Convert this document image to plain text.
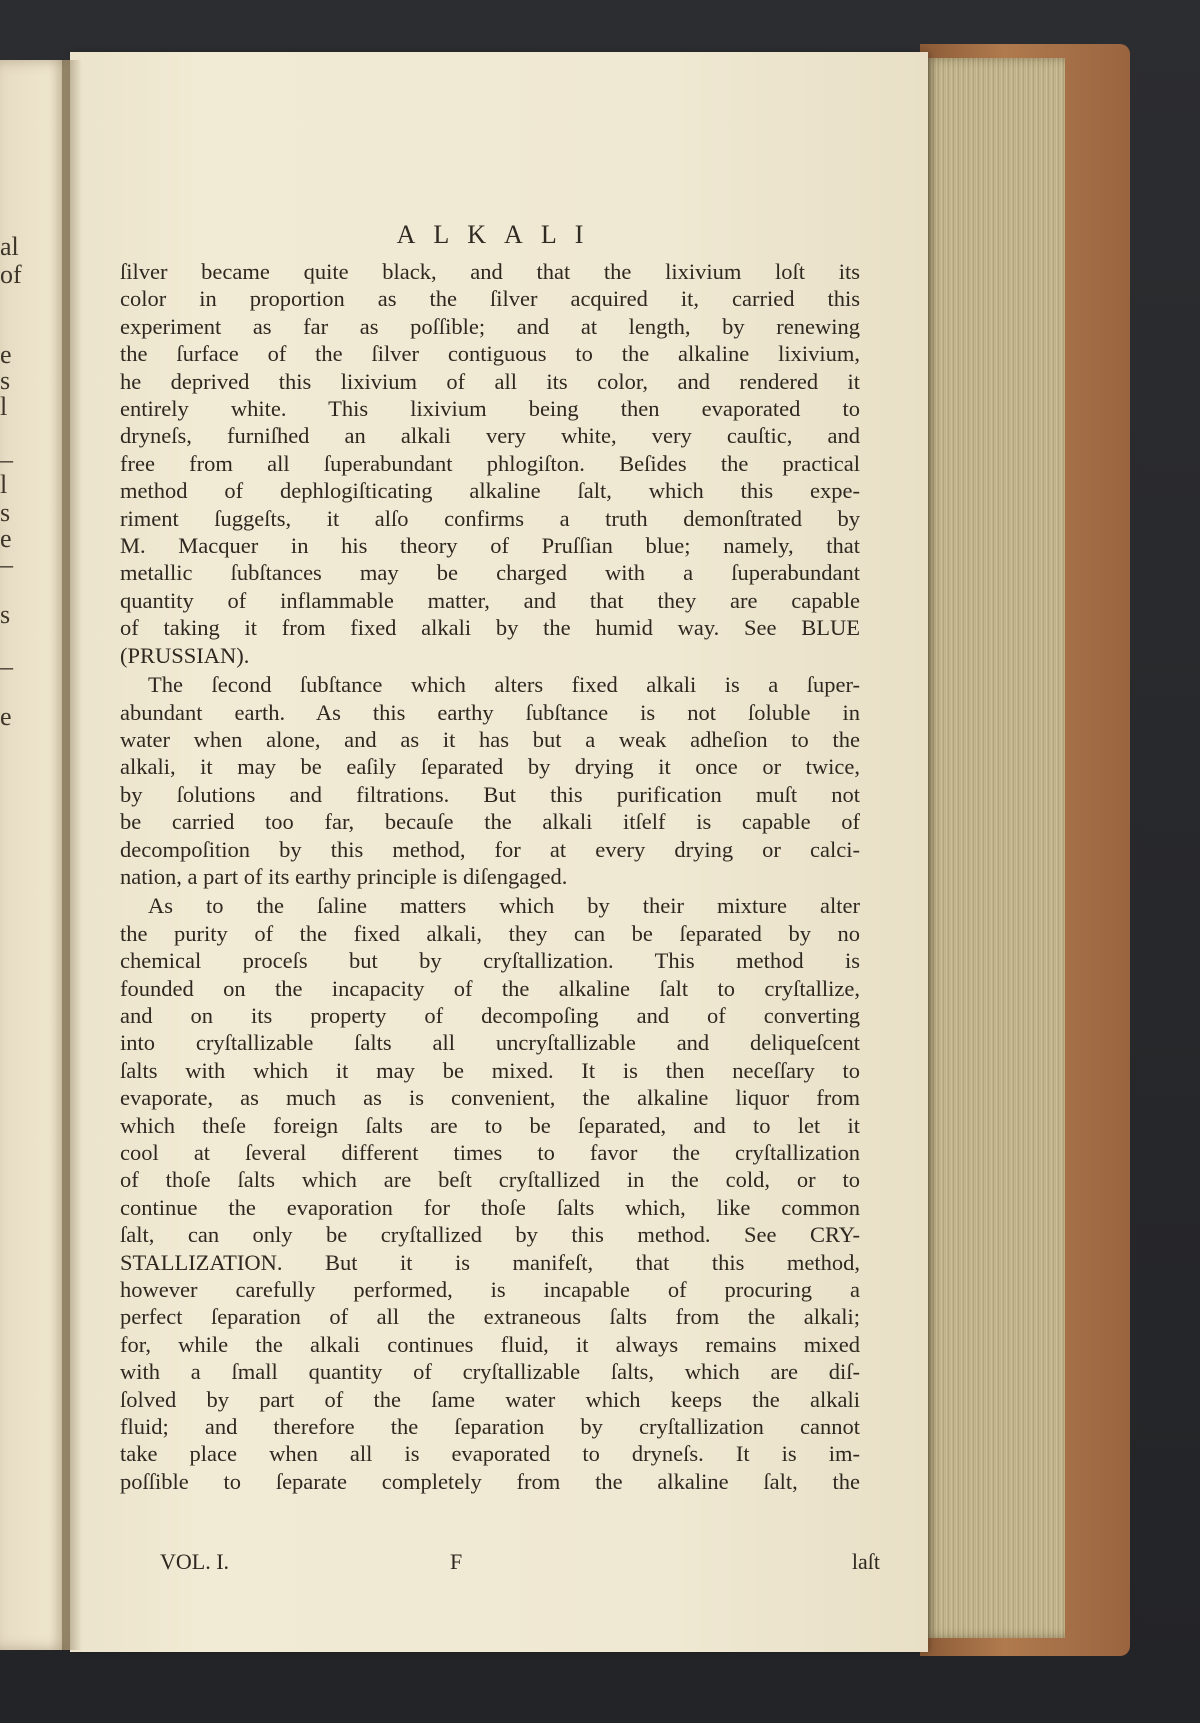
al
of
e
s
l
–
l
s
e
–
s
–
e
ALKALI
ſilver became quite black, and that the lixivium loſt its
color in proportion as the ſilver acquired it, carried this
experiment as far as poſſible; and at length, by renewing
the ſurface of the ſilver contiguous to the alkaline lixivium,
he deprived this lixivium of all its color, and rendered it
entirely white. This lixivium being then evaporated to
dryneſs, furniſhed an alkali very white, very cauſtic, and
free from all ſuperabundant phlogiſton. Beſides the practical
method of dephlogiſticating alkaline ſalt, which this expe-
riment ſuggeſts, it alſo confirms a truth demonſtrated by
M. Macquer in his theory of Pruſſian blue; namely, that
metallic ſubſtances may be charged with a ſuperabundant
quantity of inflammable matter, and that they are capable
of taking it from fixed alkali by the humid way. See BLUE
(PRUSSIAN).
The ſecond ſubſtance which alters fixed alkali is a ſuper-
abundant earth. As this earthy ſubſtance is not ſoluble in
water when alone, and as it has but a weak adheſion to the
alkali, it may be eaſily ſeparated by drying it once or twice,
by ſolutions and filtrations. But this purification muſt not
be carried too far, becauſe the alkali itſelf is capable of
decompoſition by this method, for at every drying or calci-
nation, a part of its earthy principle is diſengaged.
As to the ſaline matters which by their mixture alter
the purity of the fixed alkali, they can be ſeparated by no
chemical proceſs but by cryſtallization. This method is
founded on the incapacity of the alkaline ſalt to cryſtallize,
and on its property of decompoſing and of converting
into cryſtallizable ſalts all uncryſtallizable and deliqueſcent
ſalts with which it may be mixed. It is then neceſſary to
evaporate, as much as is convenient, the alkaline liquor from
which theſe foreign ſalts are to be ſeparated, and to let it
cool at ſeveral different times to favor the cryſtallization
of thoſe ſalts which are beſt cryſtallized in the cold, or to
continue the evaporation for thoſe ſalts which, like common
ſalt, can only be cryſtallized by this method. See CRY-
STALLIZATION. But it is manifeſt, that this method,
however carefully performed, is incapable of procuring a
perfect ſeparation of all the extraneous ſalts from the alkali;
for, while the alkali continues fluid, it always remains mixed
with a ſmall quantity of cryſtallizable ſalts, which are diſ-
ſolved by part of the ſame water which keeps the alkali
fluid; and therefore the ſeparation by cryſtallization cannot
take place when all is evaporated to dryneſs. It is im-
poſſible to ſeparate completely from the alkaline ſalt, the
VOL. I.	F	laſt
